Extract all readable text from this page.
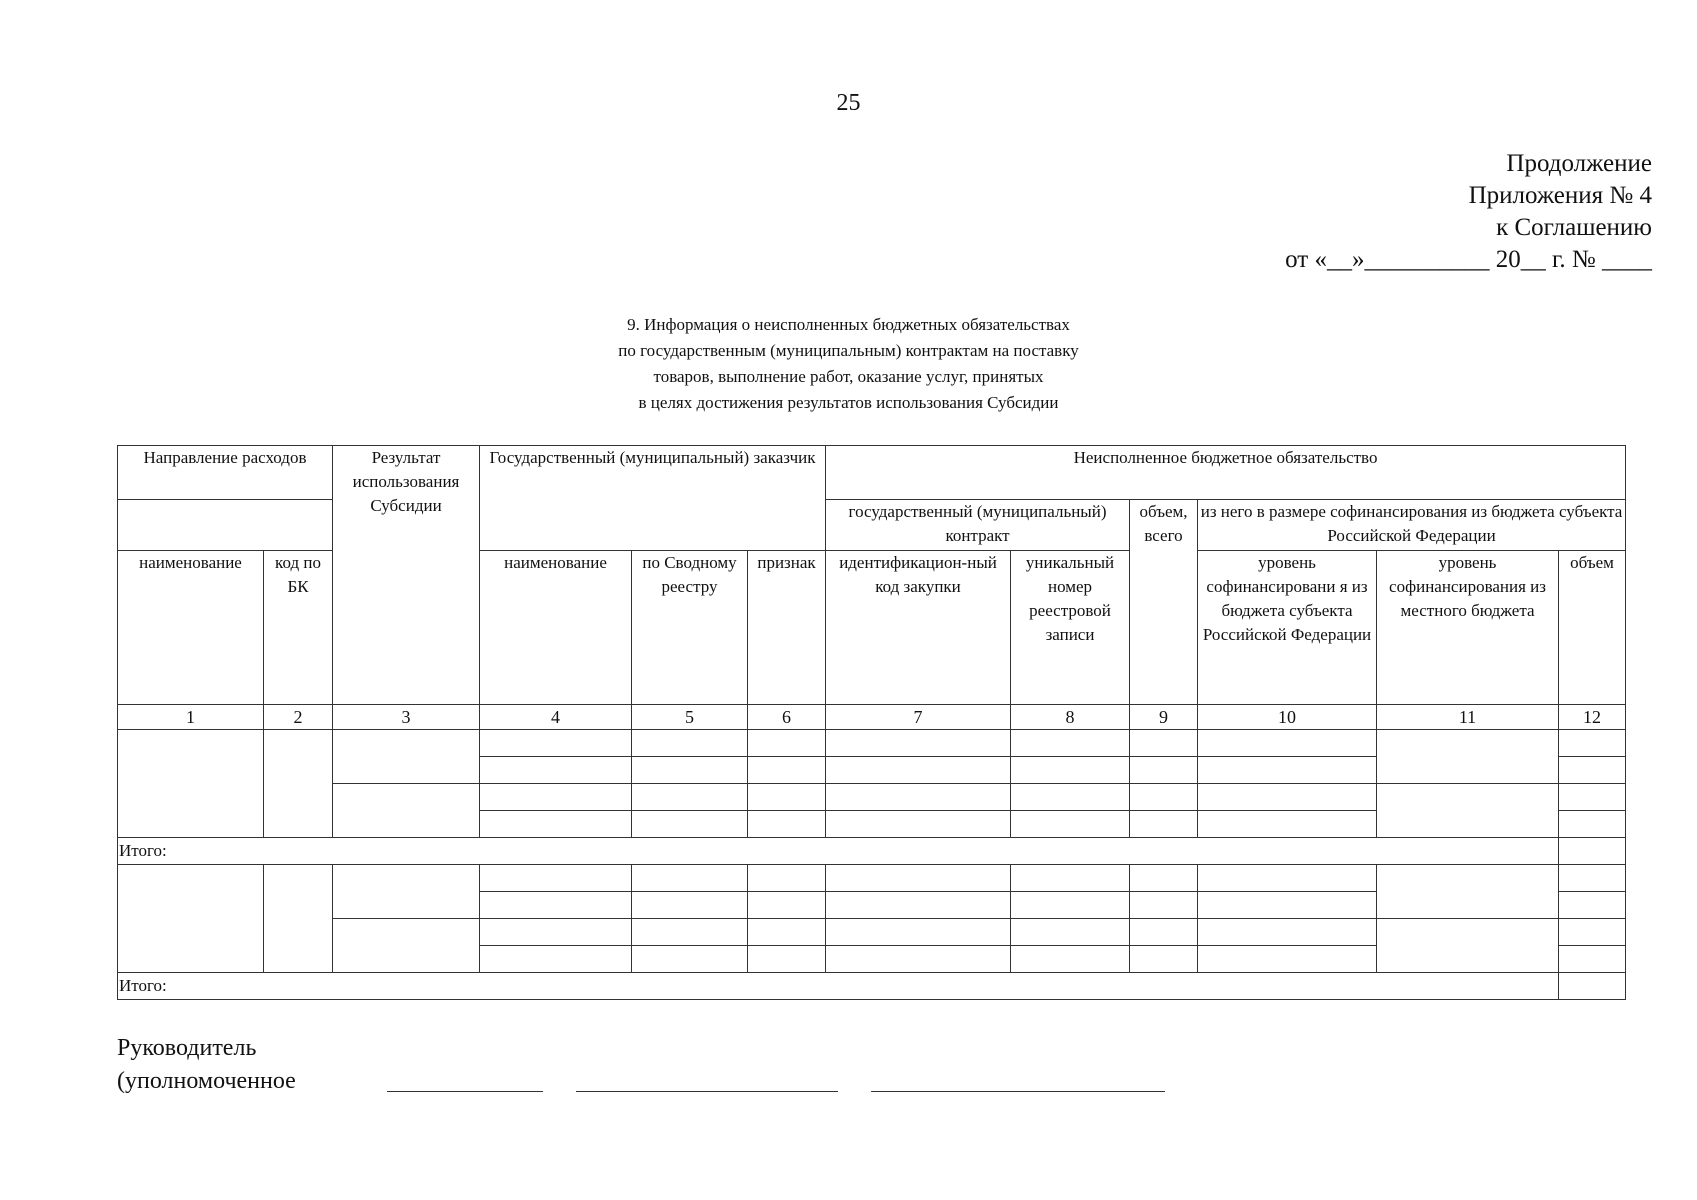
25
Продолжение
Приложения № 4
к Соглашению
от «__»__________ 20__ г. № ____
9. Информация о неисполненных бюджетных обязательствах
по государственным (муниципальным) контрактам на поставку
товаров, выполнение работ, оказание услуг, принятых
в целях достижения результатов использования Субсидии
Направление расходов		Результат использования Субсидии	Государственный (муниципальный) заказчик			Неисполненное бюджетное обязательство					
						государственный (муниципальный) контракт		объем, всего	из него в размере софинансирования из бюджета субъекта Российской Федерации		
наименование	код по БК		наименование	по Сводному реестру	признак	идентификацион-ный код закупки	уникальный номер реестровой записи		уровень софинансировани я из бюджета субъекта Российской Федерации	уровень софинансирования из местного бюджета	объем
1	2	3	4	5	6	7	8	9	10	11	12

Итого:											

Итого:											
Руководитель
(уполномоченное
